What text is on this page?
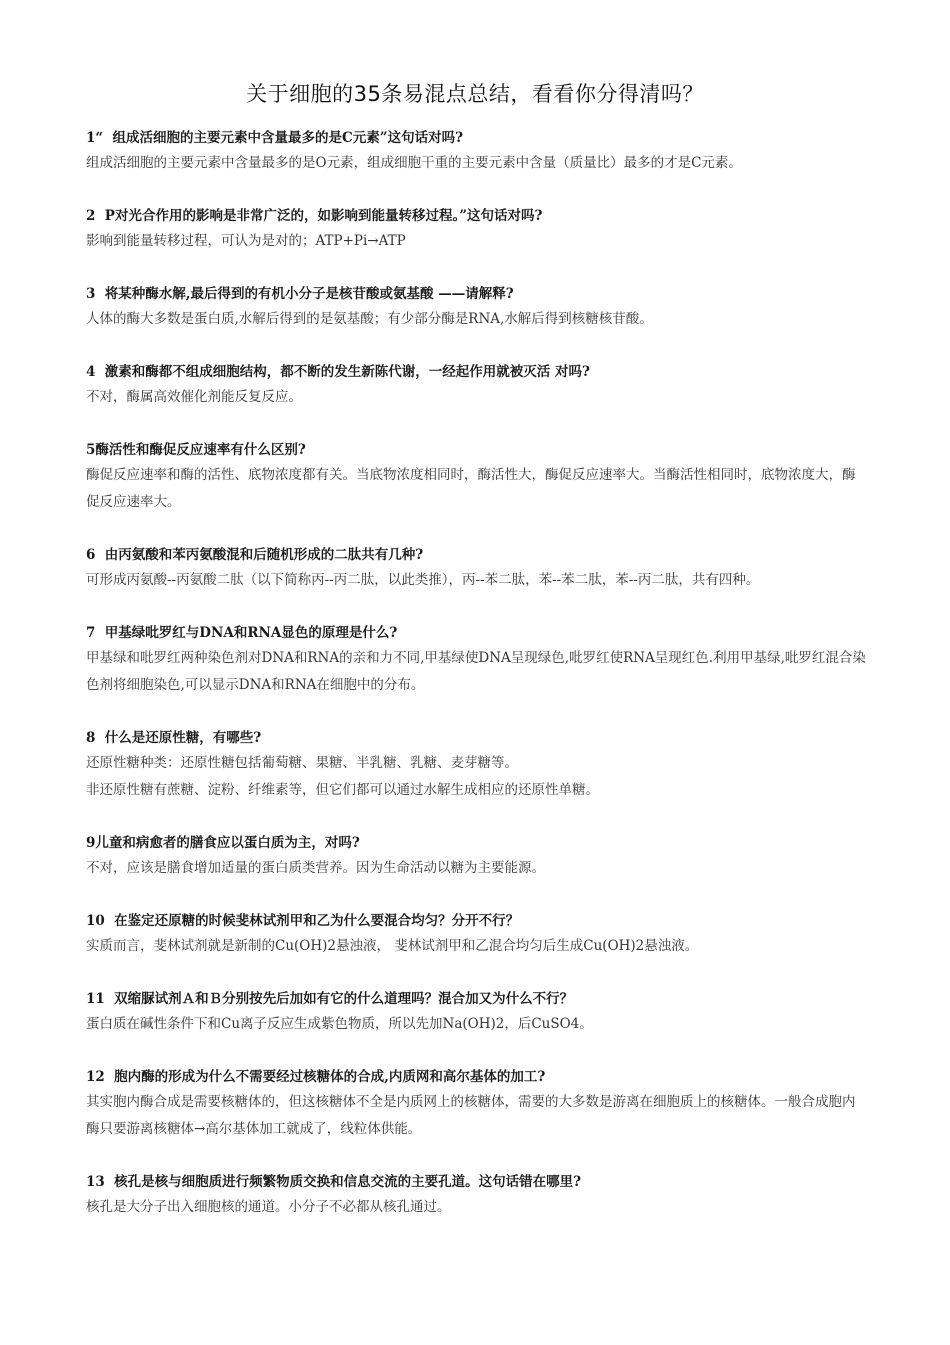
关于细胞的35条易混点总结，看看你分得清吗？
1“  组成活细胞的主要元素中含量最多的是C元素”这句话对吗?
组成活细胞的主要元素中含量最多的是O元素，组成细胞干重的主要元素中含量（质量比）最多的才是C元素。
2  P对光合作用的影响是非常广泛的，如影响到能量转移过程。”这句话对吗?
影响到能量转移过程，可认为是对的；ATP+Pi→ATP
3  将某种酶水解,最后得到的有机小分子是核苷酸或氨基酸 ——请解释?
人体的酶大多数是蛋白质,水解后得到的是氨基酸；有少部分酶是RNA,水解后得到核糖核苷酸。
4  激素和酶都不组成细胞结构，都不断的发生新陈代谢，一经起作用就被灭活 对吗?
不对，酶属高效催化剂能反复反应。
5酶活性和酶促反应速率有什么区别?
酶促反应速率和酶的活性、底物浓度都有关。当底物浓度相同时，酶活性大，酶促反应速率大。当酶活性相同时，底物浓度大，酶促反应速率大。
6  由丙氨酸和苯丙氨酸混和后随机形成的二肽共有几种?
可形成丙氨酸--丙氨酸二肽（以下简称丙--丙二肽，以此类推），丙--苯二肽，苯--苯二肽，苯--丙二肽，共有四种。
7  甲基绿吡罗红与DNA和RNA显色的原理是什么?
甲基绿和吡罗红两种染色剂对DNA和RNA的亲和力不同,甲基绿使DNA呈现绿色,吡罗红使RNA呈现红色.利用甲基绿,吡罗红混合染色剂将细胞染色,可以显示DNA和RNA在细胞中的分布。
8  什么是还原性糖，有哪些?
还原性糖种类：还原性糖包括葡萄糖、果糖、半乳糖、乳糖、麦芽糖等。
非还原性糖有蔗糖、淀粉、纤维素等，但它们都可以通过水解生成相应的还原性单糖。
9儿童和病愈者的膳食应以蛋白质为主，对吗?
不对，应该是膳食增加适量的蛋白质类营养。因为生命活动以糖为主要能源。
10  在鉴定还原糖的时候斐林试剂甲和乙为什么要混合均匀？分开不行？
实质而言，斐林试剂就是新制的Cu(OH)2悬浊液， 斐林试剂甲和乙混合均匀后生成Cu(OH)2悬浊液。
11  双缩脲试剂Ａ和Ｂ分别按先后加如有它的什么道理吗？混合加又为什么不行？
蛋白质在碱性条件下和Cu离子反应生成紫色物质，所以先加Na(OH)2，后CuSO4。
12  胞内酶的形成为什么不需要经过核糖体的合成,内质网和高尔基体的加工?
其实胞内酶合成是需要核糖体的，但这核糖体不全是内质网上的核糖体，需要的大多数是游离在细胞质上的核糖体。一般合成胞内酶只要游离核糖体→高尔基体加工就成了，线粒体供能。
13  核孔是核与细胞质进行频繁物质交换和信息交流的主要孔道。这句话错在哪里?
核孔是大分子出入细胞核的通道。小分子不必都从核孔通过。
